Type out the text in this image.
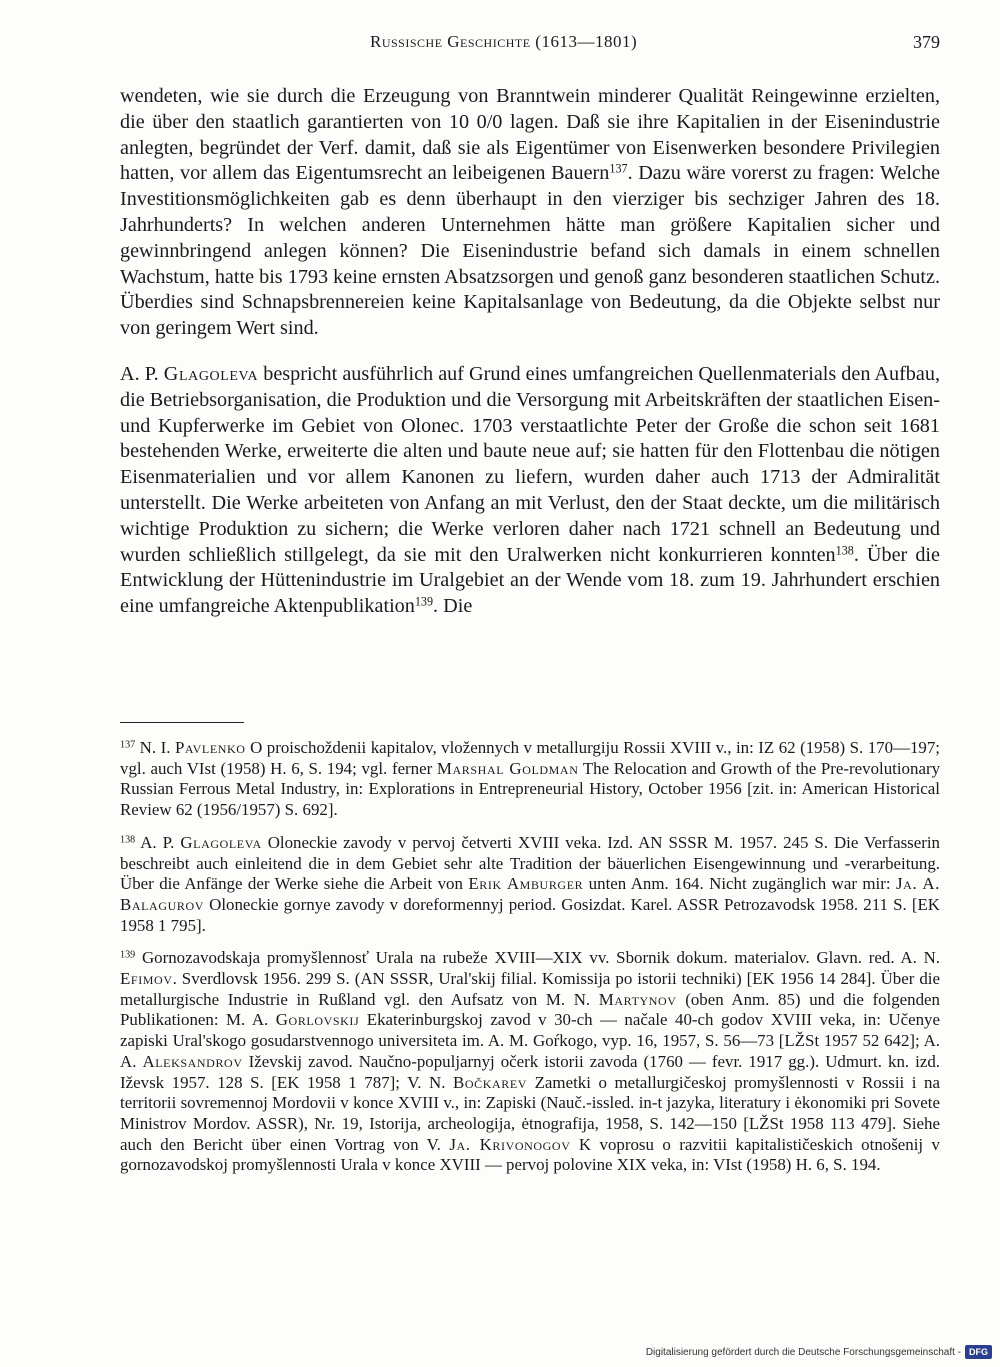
Russische Geschichte (1613—1801)	379

wendeten, wie sie durch die Erzeugung von Branntwein minderer Qualität Reingewinne erzielten, die über den staatlich garantierten von 10 0/0 lagen. Daß sie ihre Kapitalien in der Eisenindustrie anlegten, begründet der Verf. damit, daß sie als Eigentümer von Eisenwerken besondere Privilegien hatten, vor allem das Eigentumsrecht an leibeigenen Bauern$^{137}$. Dazu wäre vorerst zu fragen: Welche Investitionsmöglichkeiten gab es denn überhaupt in den vierziger bis sechziger Jahren des 18. Jahrhunderts? In welchen anderen Unternehmen hätte man größere Kapitalien sicher und gewinnbringend anlegen können? Die Eisenindustrie befand sich damals in einem schnellen Wachstum, hatte bis 1793 keine ernsten Absatzsorgen und genoß ganz besonderen staatlichen Schutz. Überdies sind Schnapsbrennereien keine Kapitalsanlage von Bedeutung, da die Objekte selbst nur von geringem Wert sind.

A. P. Glagoleva bespricht ausführlich auf Grund eines umfangreichen Quellenmaterials den Aufbau, die Betriebsorganisation, die Produktion und die Versorgung mit Arbeitskräften der staatlichen Eisen- und Kupferwerke im Gebiet von Olonec. 1703 verstaatlichte Peter der Große die schon seit 1681 bestehenden Werke, erweiterte die alten und baute neue auf; sie hatten für den Flottenbau die nötigen Eisenmaterialien und vor allem Kanonen zu liefern, wurden daher auch 1713 der Admiralität unterstellt. Die Werke arbeiteten von Anfang an mit Verlust, den der Staat deckte, um die militärisch wichtige Produktion zu sichern; die Werke verloren daher nach 1721 schnell an Bedeutung und wurden schließlich stillgelegt, da sie mit den Uralwerken nicht konkurrieren konnten$^{138}$. Über die Entwicklung der Hüttenindustrie im Uralgebiet an der Wende vom 18. zum 19. Jahrhundert erschien eine umfangreiche Aktenpublikation$^{139}$. Die

$^{137}$ N. I. Pavlenko O proischoždenii kapitalov, vložennych v metallurgiju Rossii XVIII v., in: IZ 62 (1958) S. 170—197; vgl. auch VIst (1958) H. 6, S. 194; vgl. ferner Marshal Goldman The Relocation and Growth of the Pre-revolutionary Russian Ferrous Metal Industry, in: Explorations in Entrepreneurial History, October 1956 [zit. in: American Historical Review 62 (1956/1957) S. 692].

$^{138}$ A. P. Glagoleva Oloneckie zavody v pervoj četverti XVIII veka. Izd. AN SSSR M. 1957. 245 S. Die Verfasserin beschreibt auch einleitend die in dem Gebiet sehr alte Tradition der bäuerlichen Eisengewinnung und -verarbeitung. Über die Anfänge der Werke siehe die Arbeit von Erik Amburger unten Anm. 164. Nicht zugänglich war mir: Ja. A. Balagurov Oloneckie gornye zavody v doreformennyj period. Gosizdat. Karel. ASSR Petrozavodsk 1958. 211 S. [EK 1958 1 795].

$^{139}$ Gornozavodskaja promyšlennosť Urala na rubeže XVIII—XIX vv. Sbornik dokum. materialov. Glavn. red. A. N. Efimov. Sverdlovsk 1956. 299 S. (AN SSSR, Ural'skij filial. Komissija po istorii techniki) [EK 1956 14 284]. Über die metallurgische Industrie in Rußland vgl. den Aufsatz von M. N. Martynov (oben Anm. 85) und die folgenden Publikationen: M. A. Gorlovskij Ekaterinburgskoj zavod v 30-ch — načale 40-ch godov XVIII veka, in: Učenye zapiski Ural'skogo gosudarstvennogo universiteta im. A. M. Goŕkogo, vyp. 16, 1957, S. 56—73 [LŽSt 1957 52 642]; A. A. Aleksandrov Iževskij zavod. Naučno-populjarnyj očerk istorii zavoda (1760 — fevr. 1917 gg.). Udmurt. kn. izd. Iževsk 1957. 128 S. [EK 1958 1 787]; V. N. Bočkarev Zametki o metallurgičeskoj promyšlennosti v Rossii i na territorii sovremennoj Mordovii v konce XVIII v., in: Zapiski (Nauč.-issled. in-t jazyka, literatury i ėkonomiki pri Sovete Ministrov Mordov. ASSR), Nr. 19, Istorija, archeologija, ėtnografija, 1958, S. 142—150 [LŽSt 1958 113 479]. Siehe auch den Bericht über einen Vortrag von V. Ja. Krivonogov K voprosu o razvitii kapitalističeskich otnošenij v gornozavodskoj promyšlennosti Urala v konce XVIII — pervoj polovine XIX veka, in: VIst (1958) H. 6, S. 194.

Digitalisierung gefördert durch die Deutsche Forschungsgemeinschaft - DFG
